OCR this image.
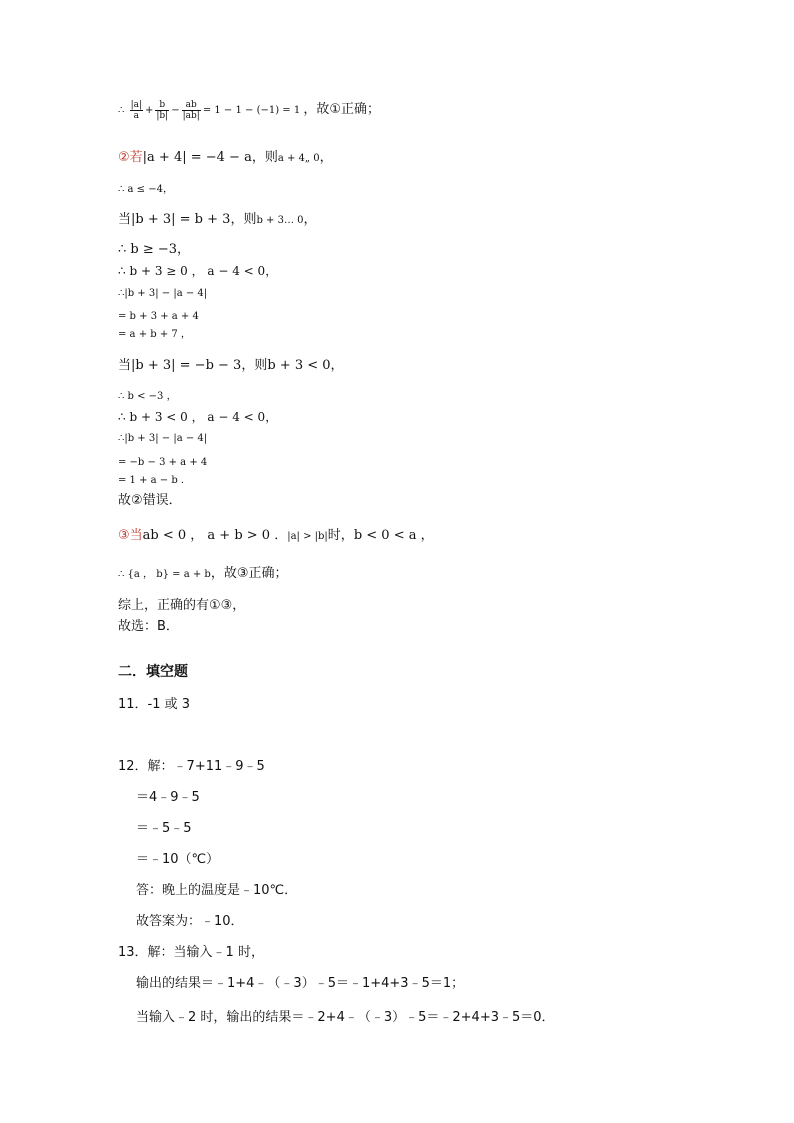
∴ $\frac{|a|}{a} + \frac{b}{|b|} - \frac{ab}{|ab|} = 1 - 1 - (-1) = 1$ ，故①正确；
②若|a + 4| = −4 − a，则a + 4„ 0，
∴ a ≤ −4，
当|b + 3| = b + 3，则b + 3… 0，
∴ b ≥ −3，
∴ b + 3 ≥ 0 ， a − 4 < 0，
∴|b + 3| − |a − 4|
= b + 3 + a + 4
= a + b + 7 ，
当|b + 3| = −b − 3，则b + 3 < 0，
∴ b < −3 ，
∴ b + 3 < 0 ， a − 4 < 0，
∴|b + 3| − |a − 4|
= −b − 3 + a + 4
= 1 + a − b ．
故②错误．
③当ab < 0 ， a + b > 0 ．|a| > |b|时，b < 0 < a ，
∴ {a ， b} = a + b，故③正确；
综上，正确的有①③，
故选：B．
二．填空题
11．-1 或 3
12．解：﹣7+11﹣9﹣5
＝4﹣9﹣5
＝﹣5﹣5
＝﹣10（℃）
答：晚上的温度是﹣10℃．
故答案为：﹣10．
13．解：当输入﹣1 时，
输出的结果＝﹣1+4﹣（﹣3）﹣5＝﹣1+4+3﹣5＝1；
当输入﹣2 时，输出的结果＝﹣2+4﹣（﹣3）﹣5＝﹣2+4+3﹣5＝0．
